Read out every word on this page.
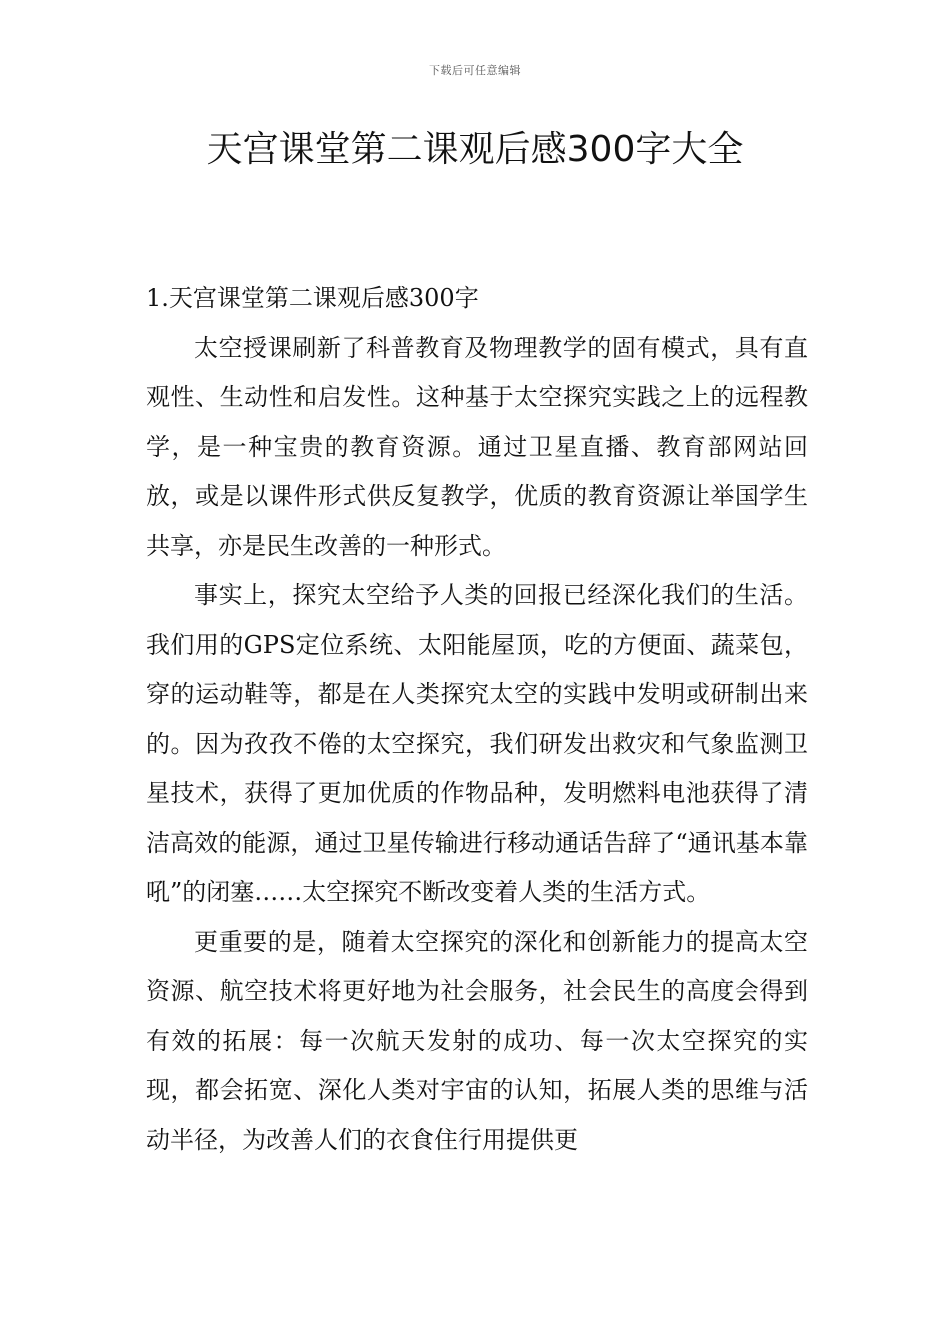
下载后可任意编辑
天宫课堂第二课观后感300字大全
1.天宫课堂第二课观后感300字

太空授课刷新了科普教育及物理教学的固有模式，具有直观性、生动性和启发性。这种基于太空探究实践之上的远程教学，是一种宝贵的教育资源。通过卫星直播、教育部网站回放，或是以课件形式供反复教学，优质的教育资源让举国学生共享，亦是民生改善的一种形式。

事实上，探究太空给予人类的回报已经深化我们的生活。我们用的GPS定位系统、太阳能屋顶，吃的方便面、蔬菜包，穿的运动鞋等，都是在人类探究太空的实践中发明或研制出来的。因为孜孜不倦的太空探究，我们研发出救灾和气象监测卫星技术，获得了更加优质的作物品种，发明燃料电池获得了清洁高效的能源，通过卫星传输进行移动通话告辞了“通讯基本靠吼”的闭塞……太空探究不断改变着人类的生活方式。

更重要的是，随着太空探究的深化和创新能力的提高太空资源、航空技术将更好地为社会服务，社会民生的高度会得到有效的拓展：每一次航天发射的成功、每一次太空探究的实现，都会拓宽、深化人类对宇宙的认知，拓展人类的思维与活动半径，为改善人们的衣食住行用提供更
